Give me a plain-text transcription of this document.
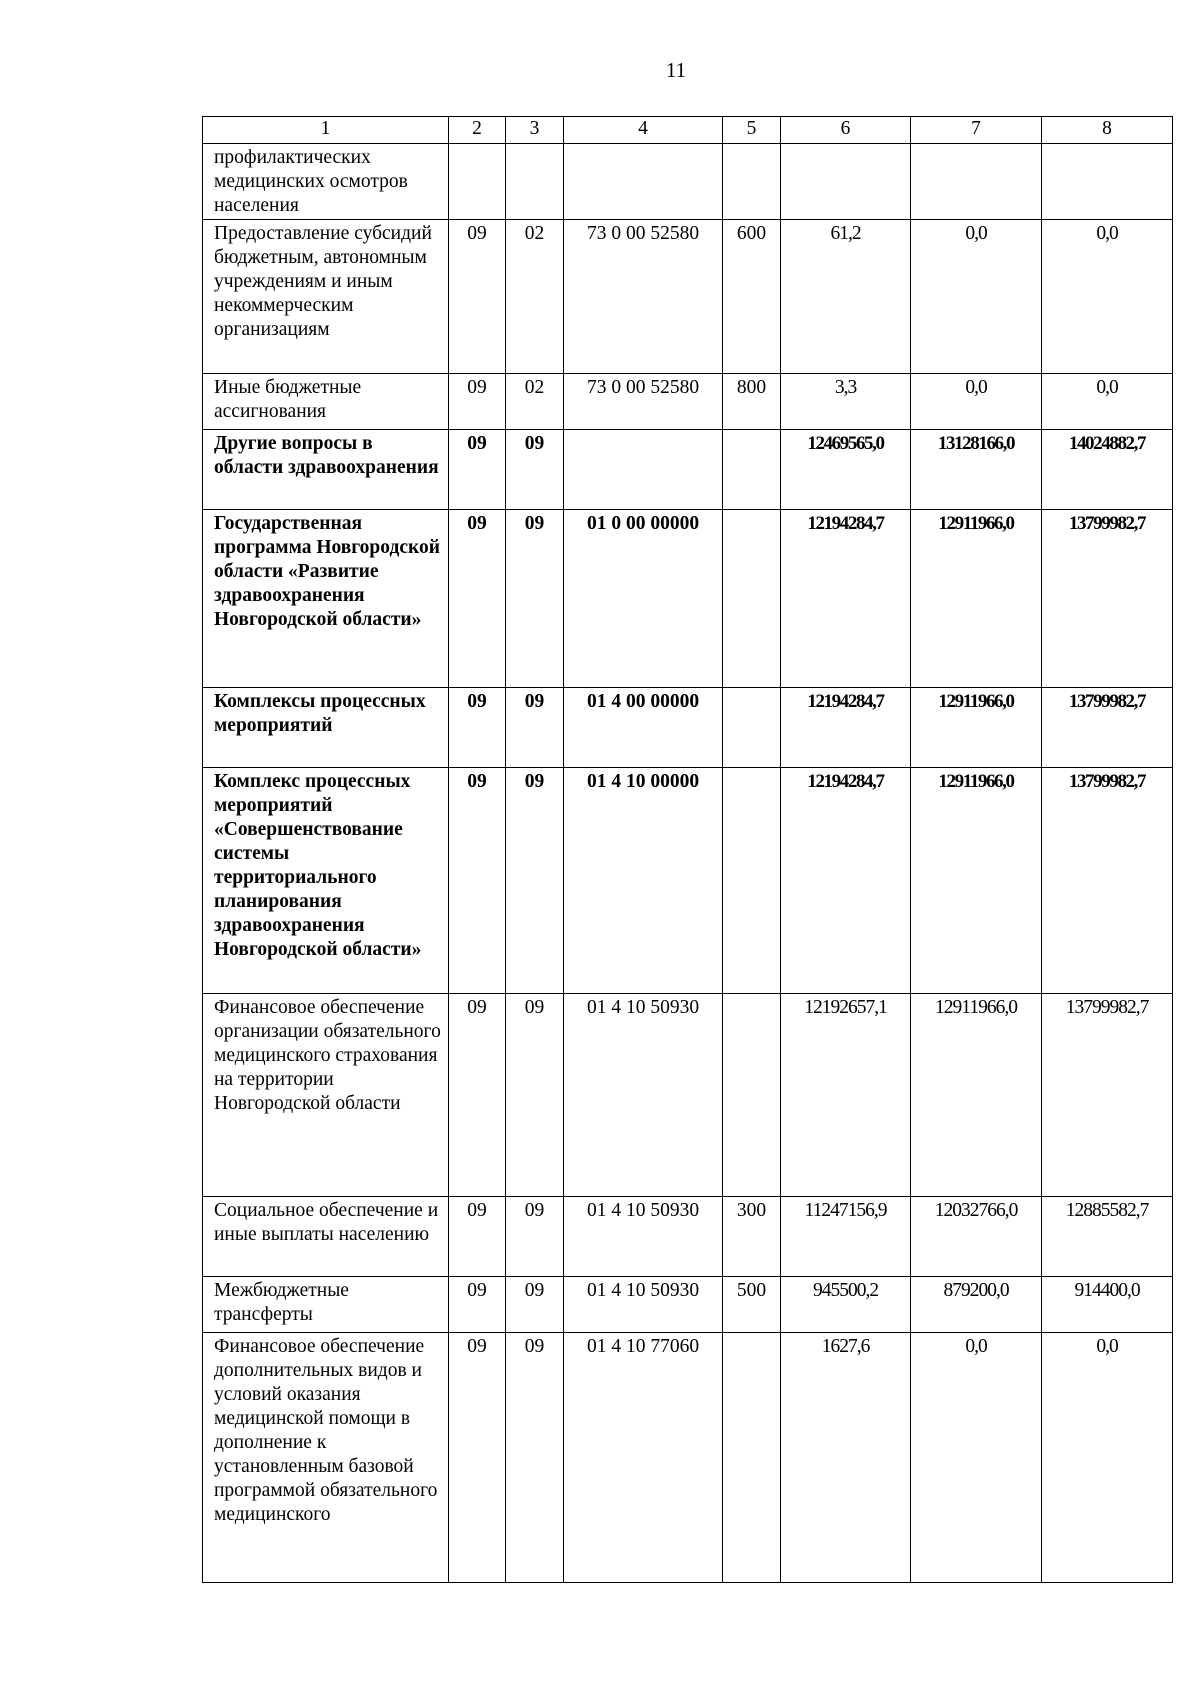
11
1	2	3	4	5	6	7	8
профилактических медицинских осмотров населения							
Предоставление субсидий бюджетным, автономным учреждениям и иным некоммерческим организациям	09	02	73 0 00 52580	600	61,2	0,0	0,0
Иные бюджетные ассигнования	09	02	73 0 00 52580	800	3,3	0,0	0,0
Другие вопросы в области здравоохранения	09	09			12469565,0	13128166,0	14024882,7
Государственная программа Новгородской области «Развитие здравоохранения Новгородской области»	09	09	01 0 00 00000		12194284,7	12911966,0	13799982,7
Комплексы процессных мероприятий	09	09	01 4 00 00000		12194284,7	12911966,0	13799982,7
Комплекс процессных мероприятий «Совершенствование системы территориального планирования здравоохранения Новгородской области»	09	09	01 4 10 00000		12194284,7	12911966,0	13799982,7
Финансовое обеспечение организации обязательного медицинского страхования на территории Новгородской области	09	09	01 4 10 50930		12192657,1	12911966,0	13799982,7
Социальное обеспечение и иные выплаты населению	09	09	01 4 10 50930	300	11247156,9	12032766,0	12885582,7
Межбюджетные трансферты	09	09	01 4 10 50930	500	945500,2	879200,0	914400,0
Финансовое обеспечение дополнительных видов и условий оказания медицинской помощи в дополнение к установленным базовой программой обязательного медицинского	09	09	01 4 10 77060		1627,6	0,0	0,0
